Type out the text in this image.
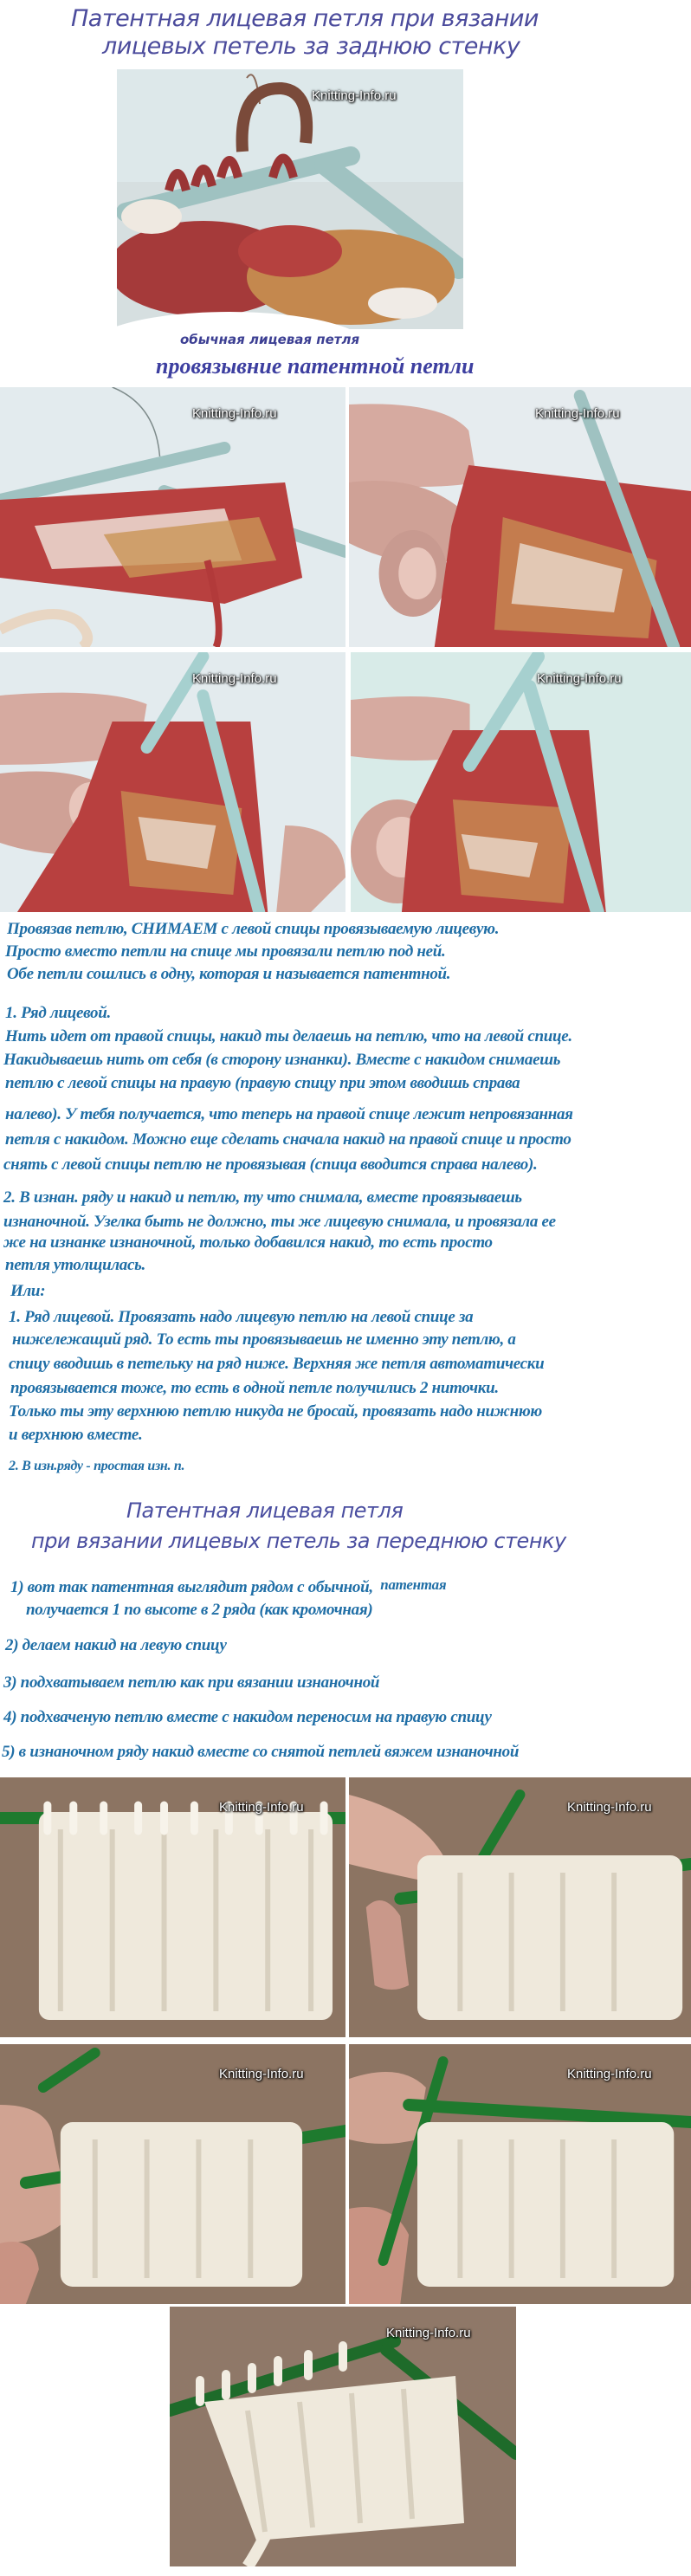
Патентная лицевая петля при вязании
лицевых петель за заднюю стенку
Knitting-Info.ru
обычная лицевая петля
провязывние патентной петли
Knitting-Info.ru	Knitting-Info.ru
Knitting-Info.ru	Knitting-Info.ru
Провязав петлю, СНИМАЕМ с левой спицы провязываемую лицевую.
Просто вместо петли на спице мы провязали петлю под ней.
Обе петли сошлись в одну, которая и называется патентной.
1. Ряд лицевой.
Нить идет от правой спицы, накид ты делаешь на петлю, что на левой спице.
Накидываешь нить от себя (в сторону изнанки). Вместе с накидом снимаешь
петлю с левой спицы на правую (правую спицу при этом вводишь справа
налево). У тебя получается, что теперь на правой спице лежит непровязанная
петля с накидом. Можно еще сделать сначала накид на правой спице и просто
снять с левой спицы петлю не провязывая (спица вводится справа налево).
2. В изнан. ряду и накид и петлю, ту что снимала, вместе провязываешь
изнаночной. Узелка быть не должно, ты же лицевую снимала, и провязала ее
же на изнанке изнаночной, только добавился накид, то есть просто
петля утолщилась.
Или:
1. Ряд лицевой. Провязать надо лицевую петлю на левой спице за
нижележащий ряд. То есть ты провязываешь не именно эту петлю, а
спицу вводишь в петельку на ряд ниже. Верхняя же петля автоматически
провязывается тоже, то есть в одной петле получились 2 ниточки.
Только ты эту верхнюю петлю никуда не бросай, провязать надо нижнюю
и верхнюю вместе.
2. В изн.ряду - простая изн. п.
Патентная лицевая петля
при вязании лицевых петель за переднюю стенку
1) вот так патентная выглядит рядом с обычной, патентая
получается 1 по высоте в 2 ряда (как кромочная)
2) делаем накид на левую спицу
3) подхватываем петлю как при вязании изнаночной
4) подхваченую петлю вместе с накидом переносим на правую спицу
5) в изнаночном ряду накид вместе со снятой петлей вяжем изнаночной
Knitting-Info.ru	Knitting-Info.ru
Knitting-Info.ru	Knitting-Info.ru
Knitting-Info.ru
